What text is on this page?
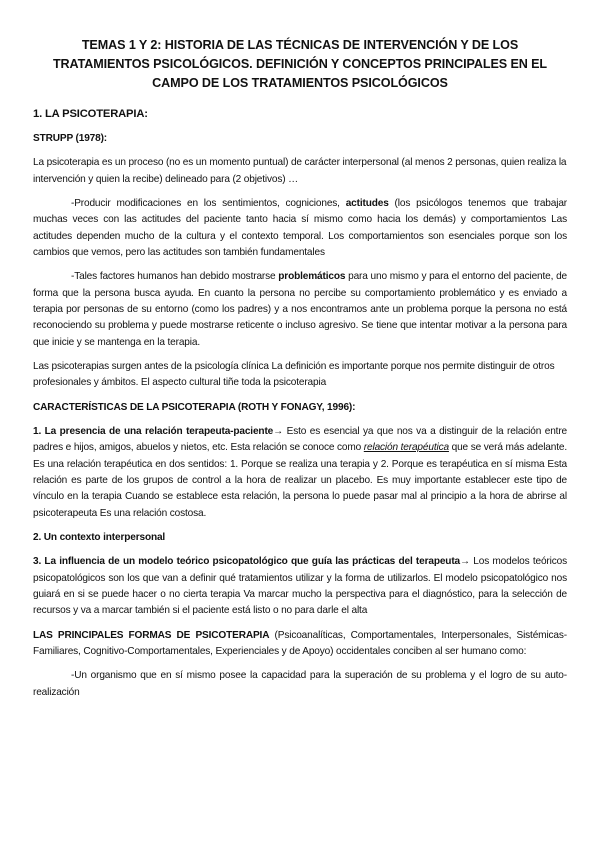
TEMAS 1 Y 2: HISTORIA DE LAS TÉCNICAS DE INTERVENCIÓN Y DE LOS TRATAMIENTOS PSICOLÓGICOS. DEFINICIÓN Y CONCEPTOS PRINCIPALES EN EL CAMPO DE LOS TRATAMIENTOS PSICOLÓGICOS
1. LA PSICOTERAPIA:
STRUPP (1978):

La psicoterapia es un proceso (no es un momento puntual) de carácter interpersonal (al menos 2 personas, quien realiza la intervención y quien la recibe) delineado para (2 objetivos) …

-Producir modificaciones en los sentimientos, cogniciones, actitudes (los psicólogos tenemos que trabajar muchas veces con las actitudes del paciente tanto hacia sí mismo como hacia los demás) y comportamientos Las actitudes dependen mucho de la cultura y el contexto temporal. Los comportamientos son esenciales porque son los cambios que vemos, pero las actitudes son también fundamentales

-Tales factores humanos han debido mostrarse problemáticos para uno mismo y para el entorno del paciente, de forma que la persona busca ayuda. En cuanto la persona no percibe su comportamiento problemático y es enviado a terapia por personas de su entorno (como los padres) y a nos encontramos ante un problema porque la persona no está reconociendo su problema y puede mostrarse reticente o incluso agresivo. Se tiene que intentar motivar a la persona para que inicie y se mantenga en la terapia.

Las psicoterapias surgen antes de la psicología clínica La definición es importante porque nos permite distinguir de otros profesionales y ámbitos. El aspecto cultural tiñe toda la psicoterapia

CARACTERÍSTICAS DE LA PSICOTERAPIA (ROTH Y FONAGY, 1996):

1. La presencia de una relación terapeuta-paciente→ Esto es esencial ya que nos va a distinguir de la relación entre padres e hijos, amigos, abuelos y nietos, etc. Esta relación se conoce como relación terapéutica que se verá más adelante. Es una relación terapéutica en dos sentidos: 1. Porque se realiza una terapia y 2. Porque es terapéutica en sí misma Esta relación es parte de los grupos de control a la hora de realizar un placebo. Es muy importante establecer este tipo de vínculo en la terapia Cuando se establece esta relación, la persona lo puede pasar mal al principio a la hora de abrirse al psicoterapeuta Es una relación costosa.

2. Un contexto interpersonal

3. La influencia de un modelo teórico psicopatológico que guía las prácticas del terapeuta→ Los modelos teóricos psicopatológicos son los que van a definir qué tratamientos utilizar y la forma de utilizarlos. El modelo psicopatológico nos guiará en si se puede hacer o no cierta terapia Va marcar mucho la perspectiva para el diagnóstico, para la selección de recursos y va a marcar también si el paciente está listo o no para darle el alta

LAS PRINCIPALES FORMAS DE PSICOTERAPIA (Psicoanalíticas, Comportamentales, Interpersonales, Sistémicas-Familiares, Cognitivo-Comportamentales, Experienciales y de Apoyo) occidentales conciben al ser humano como:

-Un organismo que en sí mismo posee la capacidad para la superación de su problema y el logro de su auto-realización
